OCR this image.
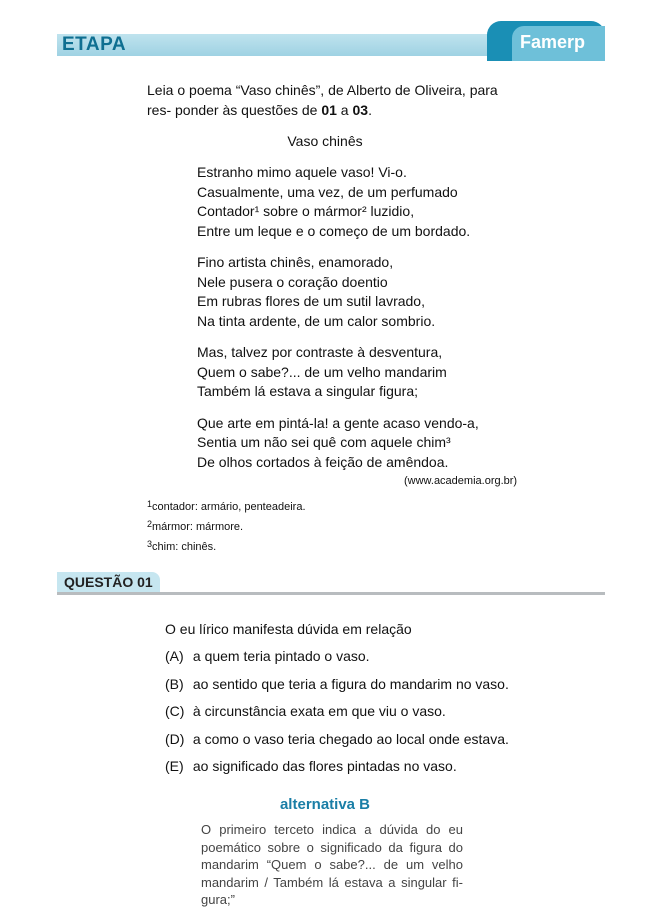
ETAPA	Famerp
Leia o poema “Vaso chinês”, de Alberto de Oliveira, para res- ponder às questões de 01 a 03.
Vaso chinês
Estranho mimo aquele vaso! Vi-o.
Casualmente, uma vez, de um perfumado
Contador¹ sobre o mármor² luzidio,
Entre um leque e o começo de um bordado.
Fino artista chinês, enamorado,
Nele pusera o coração doentio
Em rubras flores de um sutil lavrado,
Na tinta ardente, de um calor sombrio.
Mas, talvez por contraste à desventura,
Quem o sabe?... de um velho mandarim
Também lá estava a singular figura;
Que arte em pintá-la! a gente acaso vendo-a,
Sentia um não sei quê com aquele chim³
De olhos cortados à feição de amêndoa.
(www.academia.org.br)
$^1$contador: armário, penteadeira.
$^2$mármor: mármore.
$^3$chim: chinês.
QUESTÃO 01
O eu lírico manifesta dúvida em relação
(A) a quem teria pintado o vaso.
(B) ao sentido que teria a figura do mandarim no vaso.
(C) à circunstância exata em que viu o vaso.
(D) a como o vaso teria chegado ao local onde estava.
(E) ao significado das flores pintadas no vaso.
alternativa B
O primeiro terceto indica a dúvida do eu poemático sobre o significado da figura do mandarim “Quem o sabe?... de um velho mandarim / Também lá estava a singular fi- gura;”
